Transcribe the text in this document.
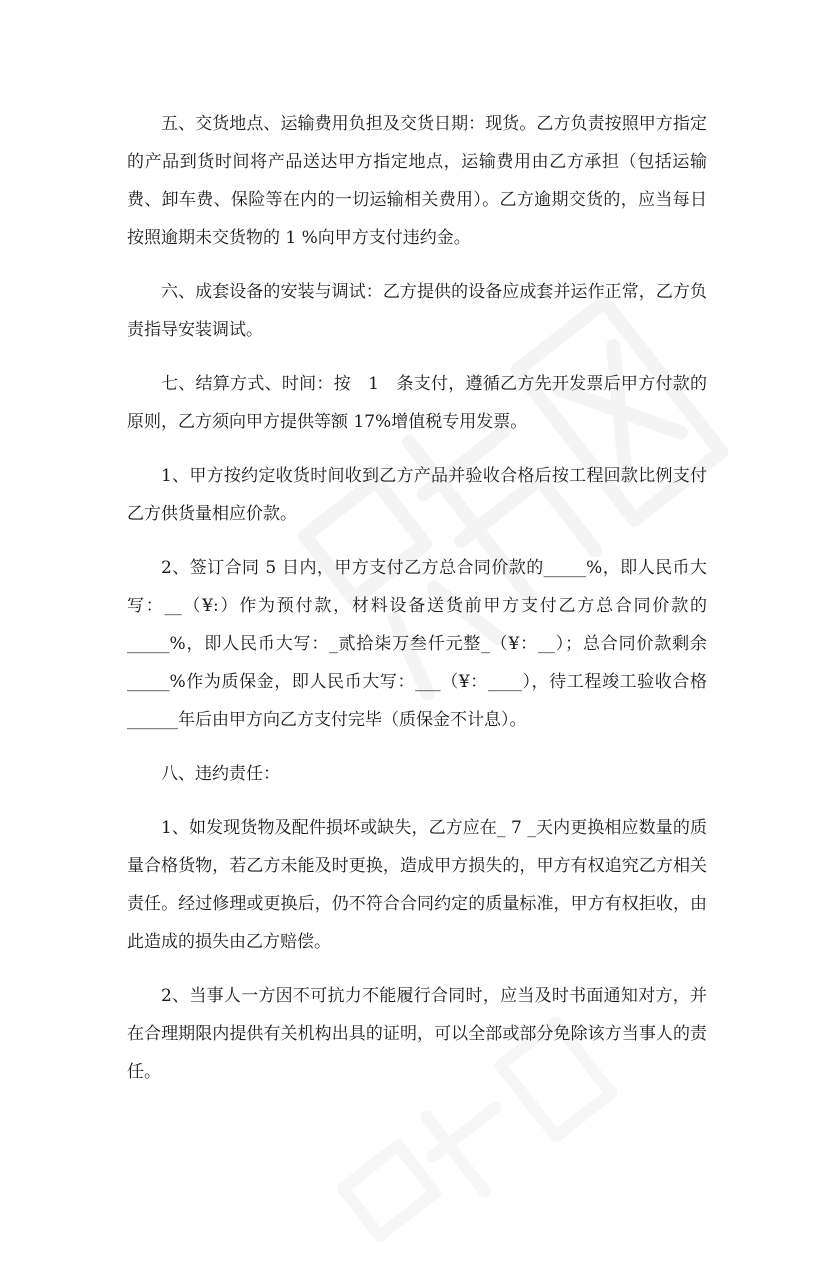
五、交货地点、运输费用负担及交货日期：现货。乙方负责按照甲方指定的产品到货时间将产品送达甲方指定地点，运输费用由乙方承担（包括运输费、卸车费、保险等在内的一切运输相关费用）。乙方逾期交货的，应当每日按照逾期未交货物的 1 %向甲方支付违约金。

六、成套设备的安装与调试：乙方提供的设备应成套并运作正常，乙方负责指导安装调试。

七、结算方式、时间：按　1　条支付，遵循乙方先开发票后甲方付款的原则，乙方须向甲方提供等额 17%增值税专用发票。

1、甲方按约定收货时间收到乙方产品并验收合格后按工程回款比例支付乙方供货量相应价款。

2、签订合同 5 日内，甲方支付乙方总合同价款的_____%，即人民币大写：__（¥:）作为预付款，材料设备送货前甲方支付乙方总合同价款的_____%，即人民币大写：_贰拾柒万叁仟元整_（¥：__）；总合同价款剩余_____%作为质保金，即人民币大写：___（¥：____），待工程竣工验收合格______年后由甲方向乙方支付完毕（质保金不计息）。

八、违约责任：

1、如发现货物及配件损坏或缺失，乙方应在_ 7 _天内更换相应数量的质量合格货物，若乙方未能及时更换，造成甲方损失的，甲方有权追究乙方相关责任。经过修理或更换后，仍不符合合同约定的质量标准，甲方有权拒收，由此造成的损失由乙方赔偿。

2、当事人一方因不可抗力不能履行合同时，应当及时书面通知对方，并在合理期限内提供有关机构出具的证明，可以全部或部分免除该方当事人的责任。
